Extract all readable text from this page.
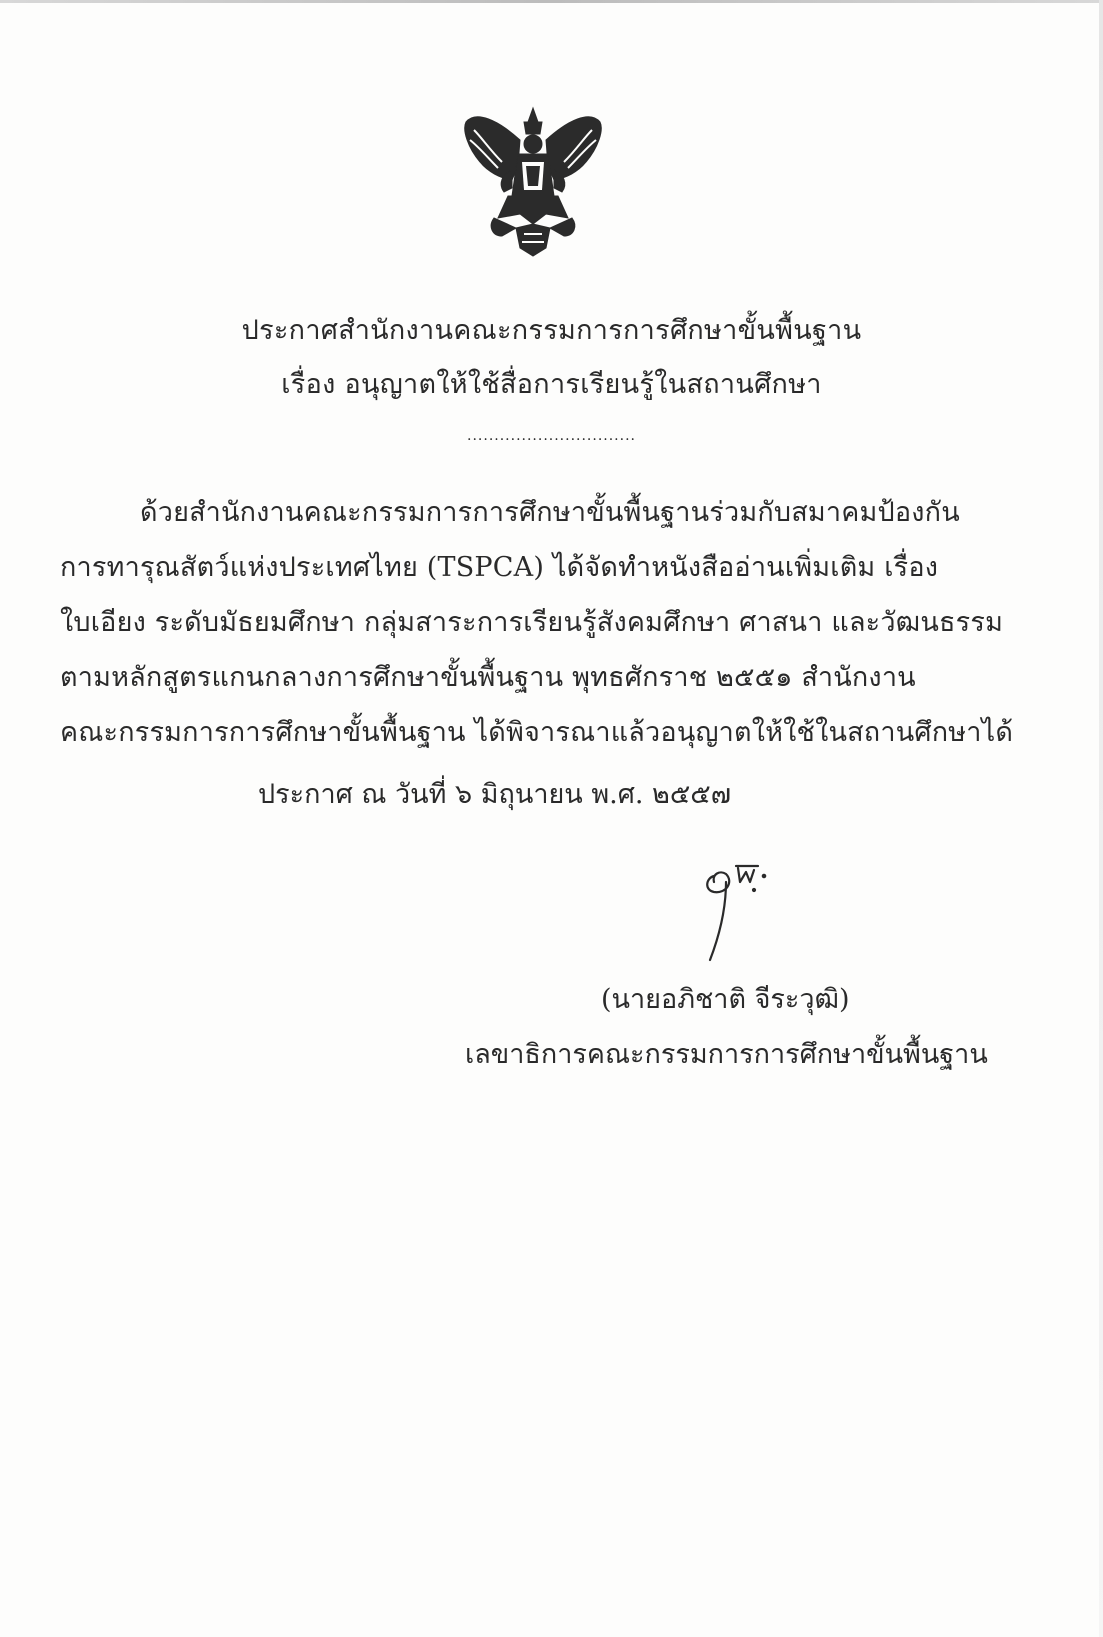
ประกาศสำนักงานคณะกรรมการการศึกษาขั้นพื้นฐาน
เรื่อง อนุญาตให้ใช้สื่อการเรียนรู้ในสถานศึกษา
...............................
ด้วยสำนักงานคณะกรรมการการศึกษาขั้นพื้นฐานร่วมกับสมาคมป้องกัน
การทารุณสัตว์แห่งประเทศไทย (TSPCA) ได้จัดทำหนังสืออ่านเพิ่มเติม เรื่อง
ใบเอียง ระดับมัธยมศึกษา กลุ่มสาระการเรียนรู้สังคมศึกษา ศาสนา และวัฒนธรรม
ตามหลักสูตรแกนกลางการศึกษาขั้นพื้นฐาน พุทธศักราช ๒๕๕๑ สำนักงาน
คณะกรรมการการศึกษาขั้นพื้นฐาน ได้พิจารณาแล้วอนุญาตให้ใช้ในสถานศึกษาได้
ประกาศ ณ วันที่ ๖ มิถุนายน พ.ศ. ๒๕๕๗
(นายอภิชาติ จีระวุฒิ)
เลขาธิการคณะกรรมการการศึกษาขั้นพื้นฐาน
